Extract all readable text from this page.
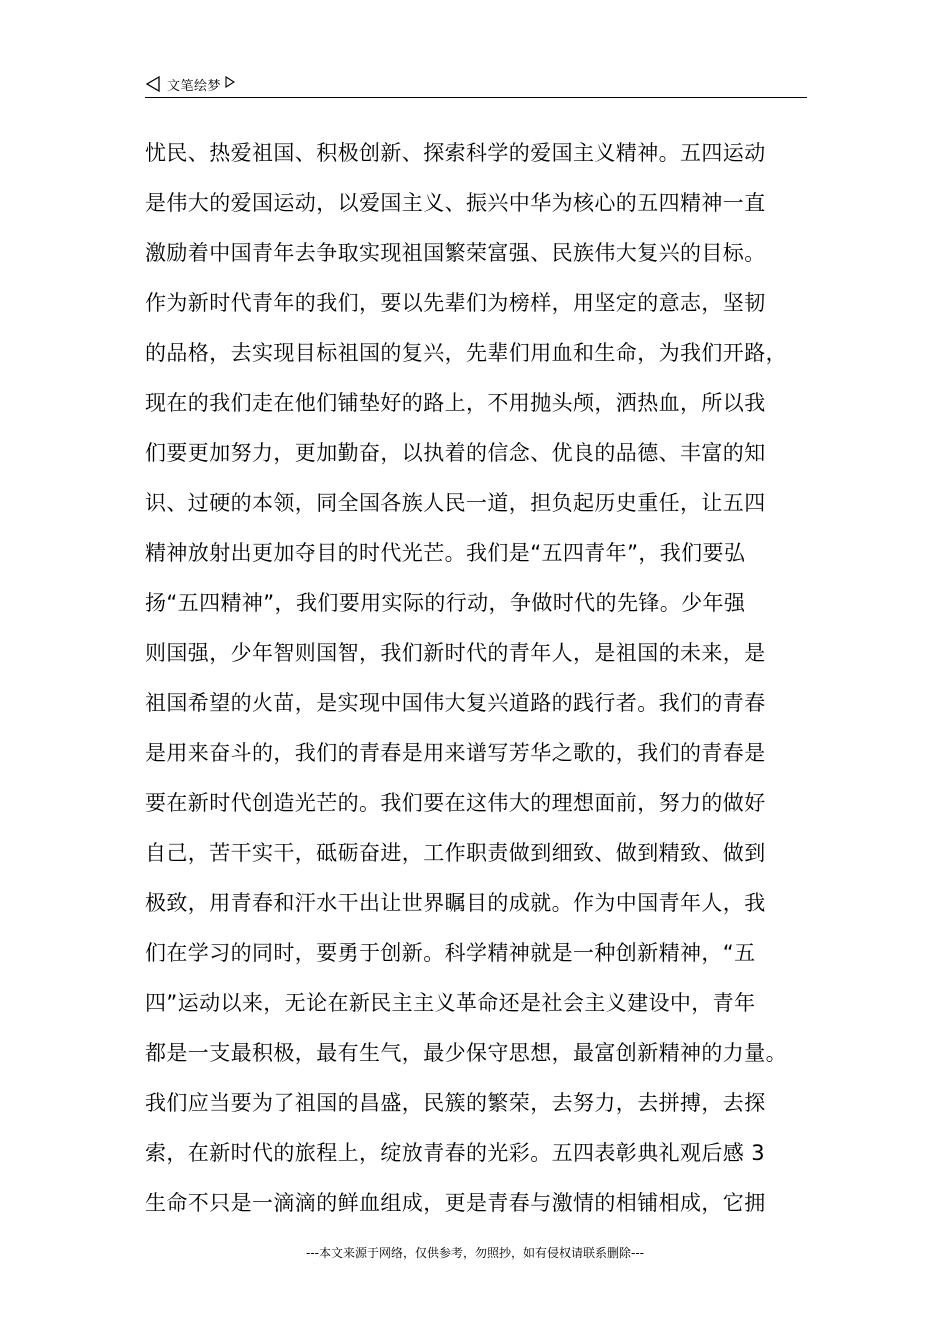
文笔绘梦
忧民、热爱祖国、积极创新、探索科学的爱国主义精神。五四运动
是伟大的爱国运动，以爱国主义、振兴中华为核心的五四精神一直
激励着中国青年去争取实现祖国繁荣富强、民族伟大复兴的目标。
作为新时代青年的我们，要以先辈们为榜样，用坚定的意志，坚韧
的品格，去实现目标祖国的复兴，先辈们用血和生命，为我们开路，
现在的我们走在他们铺垫好的路上，不用抛头颅，洒热血，所以我
们要更加努力，更加勤奋，以执着的信念、优良的品德、丰富的知
识、过硬的本领，同全国各族人民一道，担负起历史重任，让五四
精神放射出更加夺目的时代光芒。我们是“五四青年”，我们要弘
扬“五四精神”，我们要用实际的行动，争做时代的先锋。少年强
则国强，少年智则国智，我们新时代的青年人，是祖国的未来，是
祖国希望的火苗，是实现中国伟大复兴道路的践行者。我们的青春
是用来奋斗的，我们的青春是用来谱写芳华之歌的，我们的青春是
要在新时代创造光芒的。我们要在这伟大的理想面前，努力的做好
自己，苦干实干，砥砺奋进，工作职责做到细致、做到精致、做到
极致，用青春和汗水干出让世界瞩目的成就。作为中国青年人，我
们在学习的同时，要勇于创新。科学精神就是一种创新精神，“五
四”运动以来，无论在新民主主义革命还是社会主义建设中，青年
都是一支最积极，最有生气，最少保守思想，最富创新精神的力量。
我们应当要为了祖国的昌盛，民簇的繁荣，去努力，去拼搏，去探
索，在新时代的旅程上，绽放青春的光彩。五四表彰典礼观后感 3
生命不只是一滴滴的鲜血组成，更是青春与激情的相铺相成，它拥
---本文来源于网络，仅供参考，勿照抄，如有侵权请联系删除---
